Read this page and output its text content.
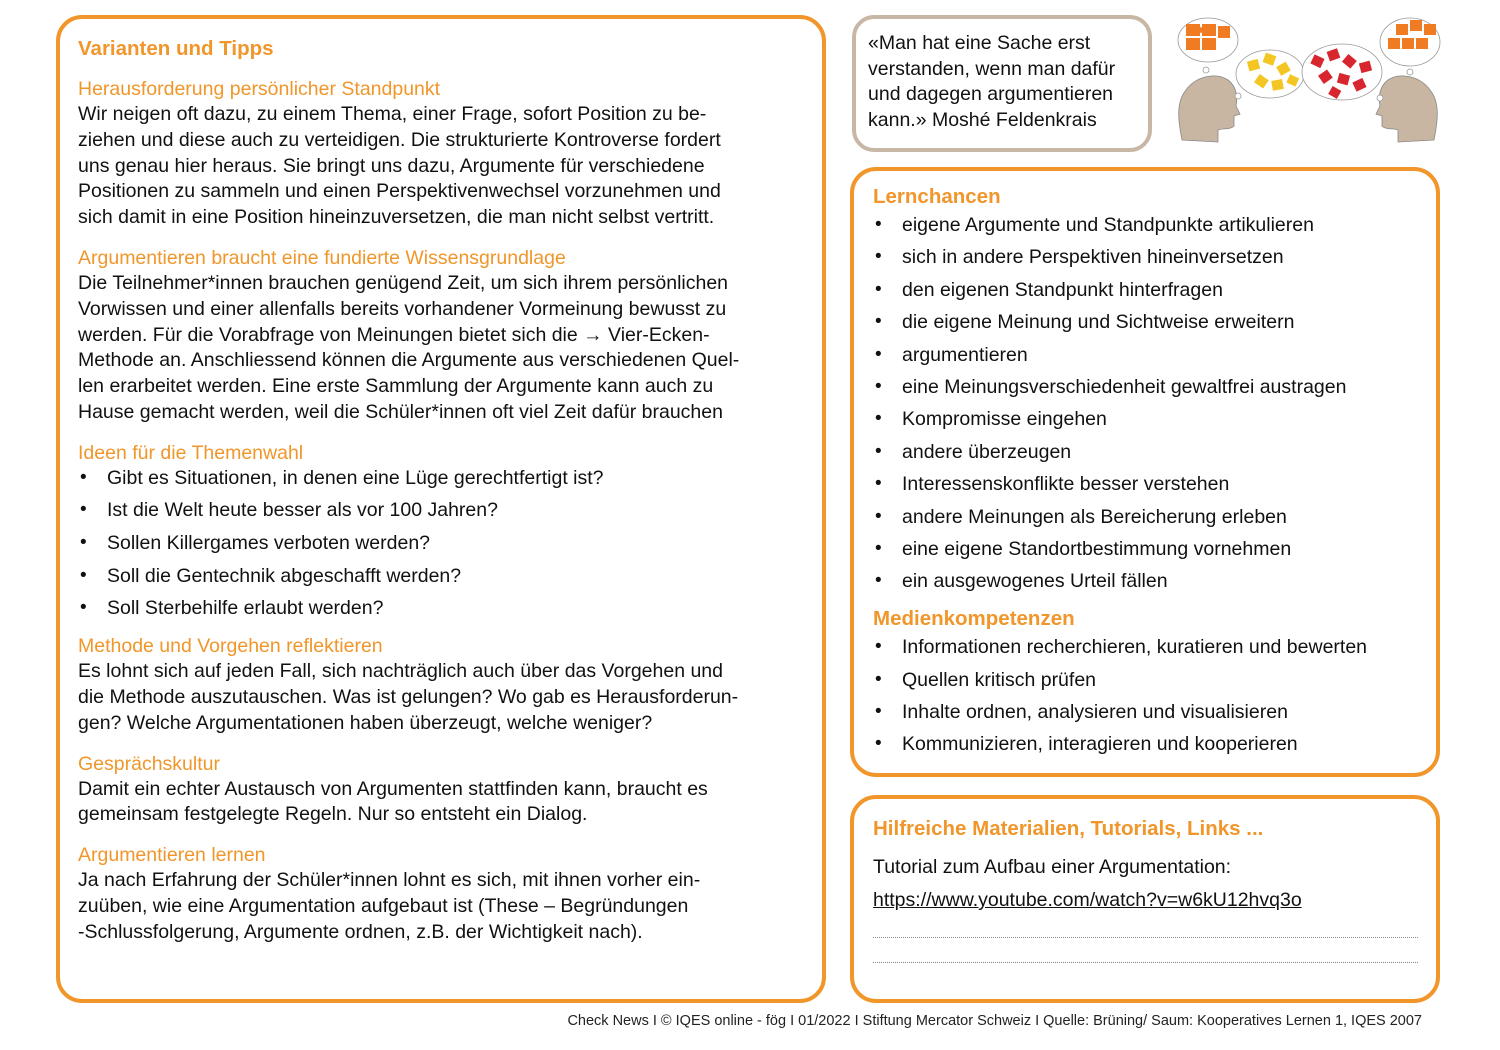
Varianten und Tipps
Herausforderung persönlicher Standpunkt
Wir neigen oft dazu, zu einem Thema, einer Frage, sofort Position zu be-
ziehen und diese auch zu verteidigen. Die strukturierte Kontroverse fordert
uns genau hier heraus. Sie bringt uns dazu, Argumente für verschiedene
Positionen zu sammeln und einen Perspektivenwechsel vorzunehmen und
sich damit in eine Position hineinzuversetzen, die man nicht selbst vertritt.
Argumentieren braucht eine fundierte Wissensgrundlage
Die Teilnehmer*innen brauchen genügend Zeit, um sich ihrem persönlichen
Vorwissen und einer allenfalls bereits vorhandener Vormeinung bewusst zu
werden. Für die Vorabfrage von Meinungen bietet sich die → Vier-Ecken-
Methode an. Anschliessend können die Argumente aus verschiedenen Quel-
len erarbeitet werden. Eine erste Sammlung der Argumente kann auch zu
Hause gemacht werden, weil die Schüler*innen oft viel Zeit dafür brauchen
Ideen für die Themenwahl
• Gibt es Situationen, in denen eine Lüge gerechtfertigt ist?
• Ist die Welt heute besser als vor 100 Jahren?
• Sollen Killergames verboten werden?
• Soll die Gentechnik abgeschafft werden?
• Soll Sterbehilfe erlaubt werden?
Methode und Vorgehen reflektieren
Es lohnt sich auf jeden Fall, sich nachträglich auch über das Vorgehen und
die Methode auszutauschen. Was ist gelungen? Wo gab es Herausforderun-
gen? Welche Argumentationen haben überzeugt, welche weniger?
Gesprächskultur
Damit ein echter Austausch von Argumenten stattfinden kann, braucht es
gemeinsam festgelegte Regeln. Nur so entsteht ein Dialog.
Argumentieren lernen
Ja nach Erfahrung der Schüler*innen lohnt es sich, mit ihnen vorher ein-
zuüben, wie eine Argumentation aufgebaut ist (These – Begründungen
-Schlussfolgerung, Argumente ordnen, z.B. der Wichtigkeit nach).
«Man hat eine Sache erst
verstanden, wenn man dafür
und dagegen argumentieren
kann.» Moshé Feldenkrais
Lernchancen
• eigene Argumente und Standpunkte artikulieren
• sich in andere Perspektiven hineinversetzen
• den eigenen Standpunkt hinterfragen
• die eigene Meinung und Sichtweise erweitern
• argumentieren
• eine Meinungsverschiedenheit gewaltfrei austragen
• Kompromisse eingehen
• andere überzeugen
• Interessenskonflikte besser verstehen
• andere Meinungen als Bereicherung erleben
• eine eigene Standortbestimmung vornehmen
• ein ausgewogenes Urteil fällen
Medienkompetenzen
• Informationen recherchieren, kuratieren und bewerten
• Quellen kritisch prüfen
• Inhalte ordnen, analysieren und visualisieren
• Kommunizieren, interagieren und kooperieren
Hilfreiche Materialien, Tutorials, Links ...
Tutorial zum Aufbau einer Argumentation:
https://www.youtube.com/watch?v=w6kU12hvq3o
Check News I © IQES online - fög I 01/2022 I Stiftung Mercator Schweiz I Quelle: Brüning/ Saum: Kooperatives Lernen 1, IQES 2007
